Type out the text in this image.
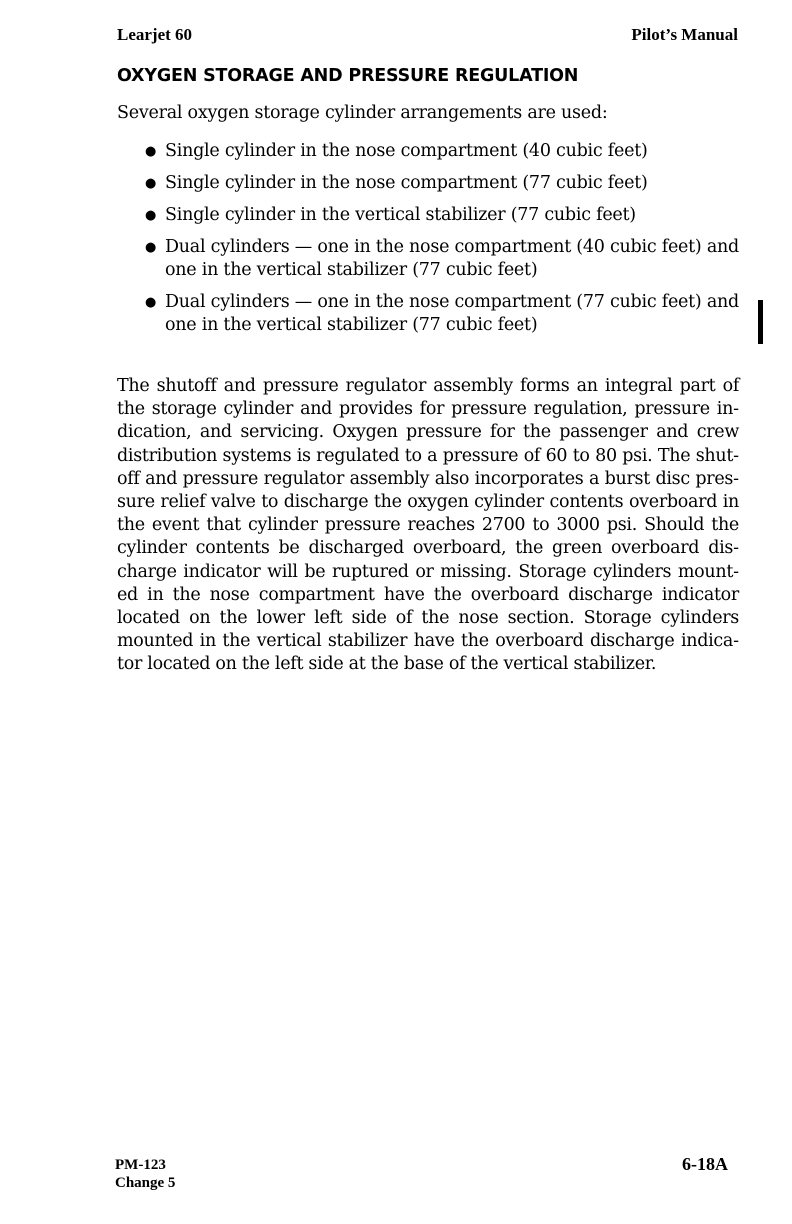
Learjet 60	Pilot’s Manual
OXYGEN STORAGE AND PRESSURE REGULATION
Several oxygen storage cylinder arrangements are used:
● Single cylinder in the nose compartment (40 cubic feet)
● Single cylinder in the nose compartment (77 cubic feet)
● Single cylinder in the vertical stabilizer (77 cubic feet)
● Dual cylinders — one in the nose compartment (40 cubic feet) and one in the vertical stabilizer (77 cubic feet)
● Dual cylinders — one in the nose compartment (77 cubic feet) and one in the vertical stabilizer (77 cubic feet)

The shutoff and pressure regulator assembly forms an integral part of the storage cylinder and provides for pressure regulation, pressure indication, and servicing. Oxygen pressure for the passenger and crew distribution systems is regulated to a pressure of 60 to 80 psi. The shutoff and pressure regulator assembly also incorporates a burst disc pressure relief valve to discharge the oxygen cylinder contents overboard in the event that cylinder pressure reaches 2700 to 3000 psi. Should the cylinder contents be discharged overboard, the green overboard discharge indicator will be ruptured or missing. Storage cylinders mounted in the nose compartment have the overboard discharge indicator located on the lower left side of the nose section. Storage cylinders mounted in the vertical stabilizer have the overboard discharge indicator located on the left side at the base of the vertical stabilizer.

PM-123
Change 5
6-18A
